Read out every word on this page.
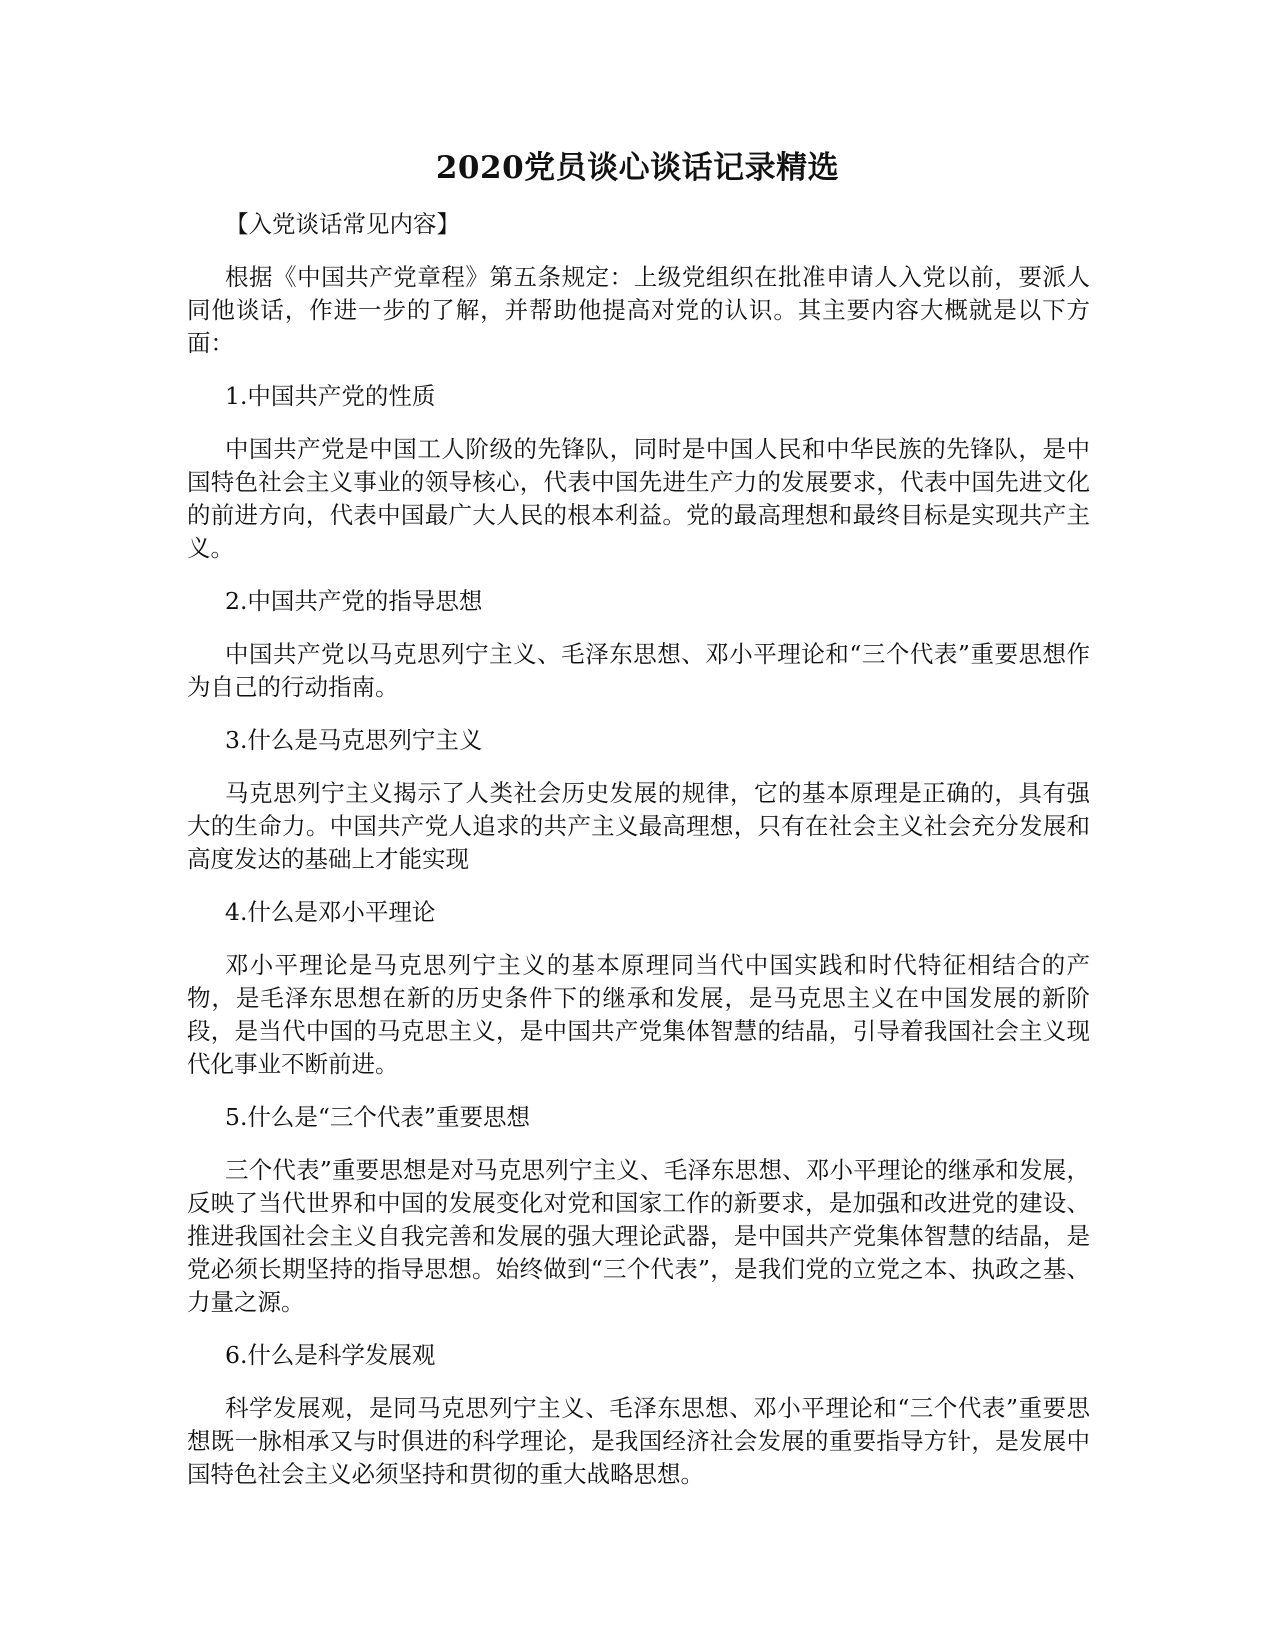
2020党员谈心谈话记录精选

【入党谈话常见内容】

根据《中国共产党章程》第五条规定：上级党组织在批准申请人入党以前，要派人同他谈话，作进一步的了解，并帮助他提高对党的认识。其主要内容大概就是以下方面：

1.中国共产党的性质

中国共产党是中国工人阶级的先锋队，同时是中国人民和中华民族的先锋队，是中国特色社会主义事业的领导核心，代表中国先进生产力的发展要求，代表中国先进文化的前进方向，代表中国最广大人民的根本利益。党的最高理想和最终目标是实现共产主义。

2.中国共产党的指导思想

中国共产党以马克思列宁主义、毛泽东思想、邓小平理论和“三个代表”重要思想作为自己的行动指南。

3.什么是马克思列宁主义

马克思列宁主义揭示了人类社会历史发展的规律，它的基本原理是正确的，具有强大的生命力。中国共产党人追求的共产主义最高理想，只有在社会主义社会充分发展和高度发达的基础上才能实现

4.什么是邓小平理论

邓小平理论是马克思列宁主义的基本原理同当代中国实践和时代特征相结合的产物，是毛泽东思想在新的历史条件下的继承和发展，是马克思主义在中国发展的新阶段，是当代中国的马克思主义，是中国共产党集体智慧的结晶，引导着我国社会主义现代化事业不断前进。

5.什么是“三个代表”重要思想

三个代表”重要思想是对马克思列宁主义、毛泽东思想、邓小平理论的继承和发展，反映了当代世界和中国的发展变化对党和国家工作的新要求，是加强和改进党的建设、推进我国社会主义自我完善和发展的强大理论武器，是中国共产党集体智慧的结晶，是党必须长期坚持的指导思想。始终做到“三个代表”，是我们党的立党之本、执政之基、力量之源。

6.什么是科学发展观

科学发展观，是同马克思列宁主义、毛泽东思想、邓小平理论和“三个代表”重要思想既一脉相承又与时俱进的科学理论，是我国经济社会发展的重要指导方针，是发展中国特色社会主义必须坚持和贯彻的重大战略思想。
